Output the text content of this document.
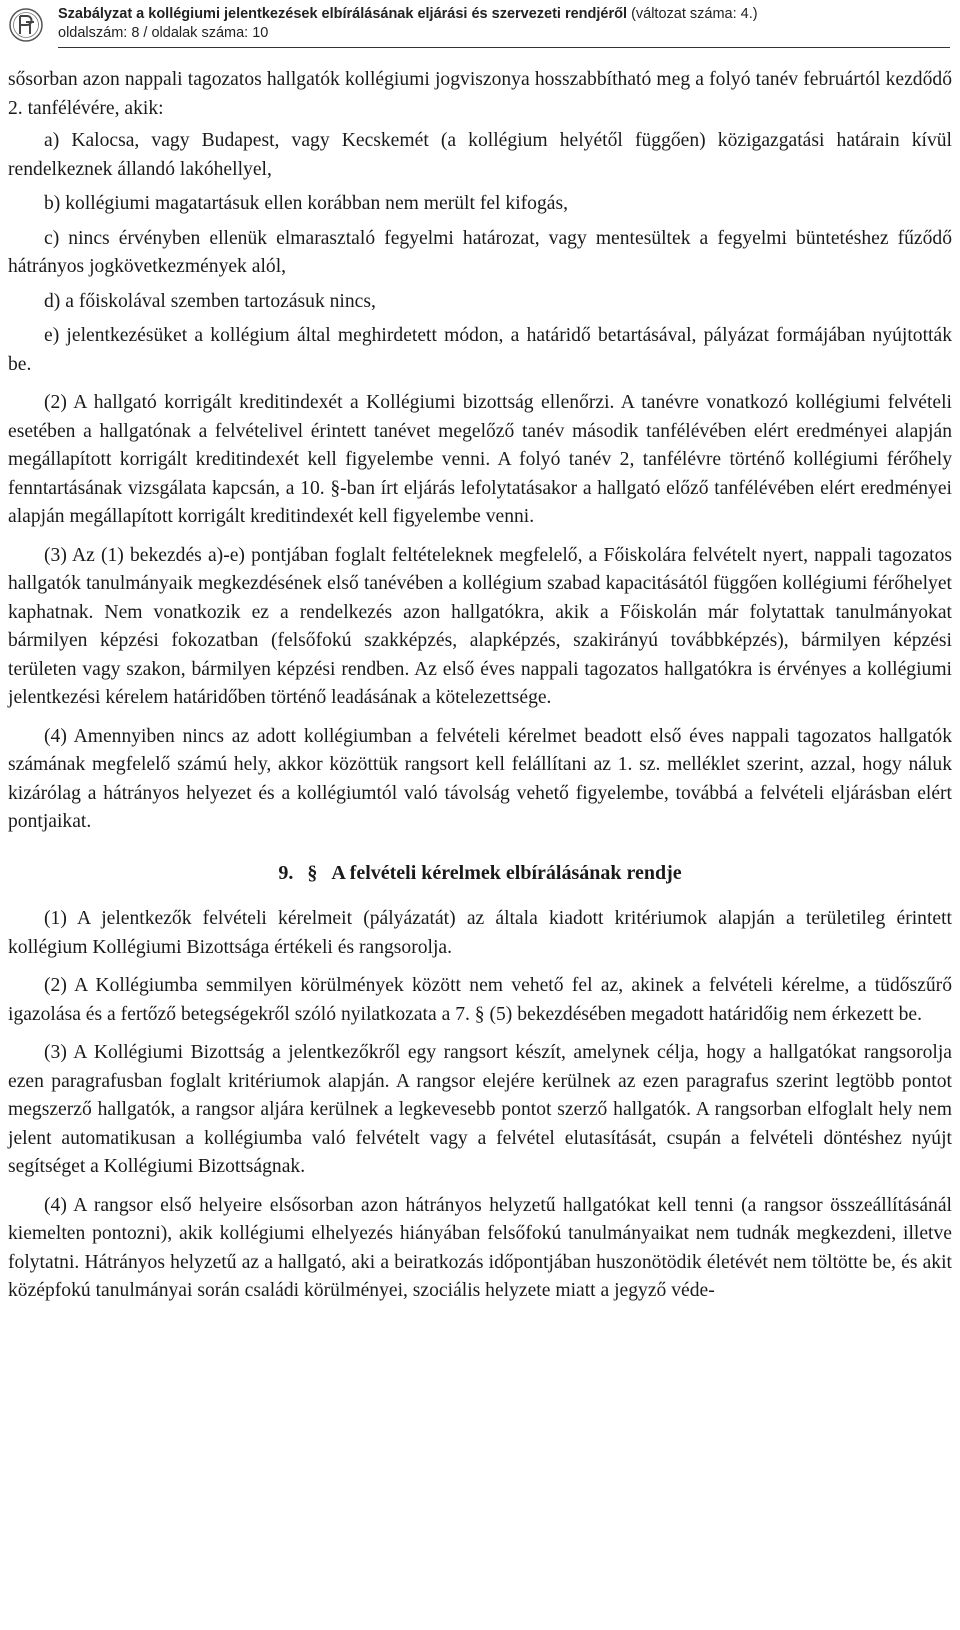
Szabályzat a kollégiumi jelentkezések elbírálásának eljárási és szervezeti rendjéről (változat száma: 4.)
oldalszám: 8 / oldalak száma: 10

sősorban azon nappali tagozatos hallgatók kollégiumi jogviszonya hosszabbítható meg a folyó tanév februártól kezdődő 2. tanfélévére, akik:

a) Kalocsa, vagy Budapest, vagy Kecskemét (a kollégium helyétől függően) közigazgatási határain kívül rendelkeznek állandó lakóhellyel,

b) kollégiumi magatartásuk ellen korábban nem merült fel kifogás,

c) nincs érvényben ellenük elmarasztaló fegyelmi határozat, vagy mentesültek a fegyelmi büntetéshez fűződő hátrányos jogkövetkezmények alól,

d) a főiskolával szemben tartozásuk nincs,

e) jelentkezésüket a kollégium által meghirdetett módon, a határidő betartásával, pályázat formájában nyújtották be.

(2) A hallgató korrigált kreditindexét a Kollégiumi bizottság ellenőrzi. A tanévre vonatkozó kollégiumi felvételi esetében a hallgatónak a felvételivel érintett tanévet megelőző tanév második tanfélévében elért eredményei alapján megállapított korrigált kreditindexét kell figyelembe venni. A folyó tanév 2, tanfélévre történő kollégiumi férőhely fenntartásának vizsgálata kapcsán, a 10. §-ban írt eljárás lefolytatásakor a hallgató előző tanfélévében elért eredményei alapján megállapított korrigált kreditindexét kell figyelembe venni.

(3) Az (1) bekezdés a)-e) pontjában foglalt feltételeknek megfelelő, a Főiskolára felvételt nyert, nappali tagozatos hallgatók tanulmányaik megkezdésének első tanévében a kollégium szabad kapacitásától függően kollégiumi férőhelyet kaphatnak. Nem vonatkozik ez a rendelkezés azon hallgatókra, akik a Főiskolán már folytattak tanulmányokat bármilyen képzési fokozatban (felsőfokú szakképzés, alapképzés, szakirányú továbbképzés), bármilyen képzési területen vagy szakon, bármilyen képzési rendben. Az első éves nappali tagozatos hallgatókra is érvényes a kollégiumi jelentkezési kérelem határidőben történő leadásának a kötelezettsége.

(4) Amennyiben nincs az adott kollégiumban a felvételi kérelmet beadott első éves nappali tagozatos hallgatók számának megfelelő számú hely, akkor közöttük rangsort kell felállítani az 1. sz. melléklet szerint, azzal, hogy náluk kizárólag a hátrányos helyezet és a kollégiumtól való távolság vehető figyelembe, továbbá a felvételi eljárásban elért pontjaikat.

9. § A felvételi kérelmek elbírálásának rendje

(1) A jelentkezők felvételi kérelmeit (pályázatát) az általa kiadott kritériumok alapján a területileg érintett kollégium Kollégiumi Bizottsága értékeli és rangsorolja.

(2) A Kollégiumba semmilyen körülmények között nem vehető fel az, akinek a felvételi kérelme, a tüdőszűrő igazolása és a fertőző betegségekről szóló nyilatkozata a 7. § (5) bekezdésében megadott határidőig nem érkezett be.

(3) A Kollégiumi Bizottság a jelentkezőkről egy rangsort készít, amelynek célja, hogy a hallgatókat rangsorolja ezen paragrafusban foglalt kritériumok alapján. A rangsor elejére kerülnek az ezen paragrafus szerint legtöbb pontot megszerző hallgatók, a rangsor aljára kerülnek a legkevesebb pontot szerző hallgatók. A rangsorban elfoglalt hely nem jelent automatikusan a kollégiumba való felvételt vagy a felvétel elutasítását, csupán a felvételi döntéshez nyújt segítséget a Kollégiumi Bizottságnak.

(4) A rangsor első helyeire elsősorban azon hátrányos helyzetű hallgatókat kell tenni (a rangsor összeállításánál kiemelten pontozni), akik kollégiumi elhelyezés hiányában felsőfokú tanulmányaikat nem tudnák megkezdeni, illetve folytatni. Hátrányos helyzetű az a hallgató, aki a beiratkozás időpontjában huszonötödik életévét nem töltötte be, és akit középfokú tanulmányai során családi körülményei, szociális helyzete miatt a jegyző véde-
